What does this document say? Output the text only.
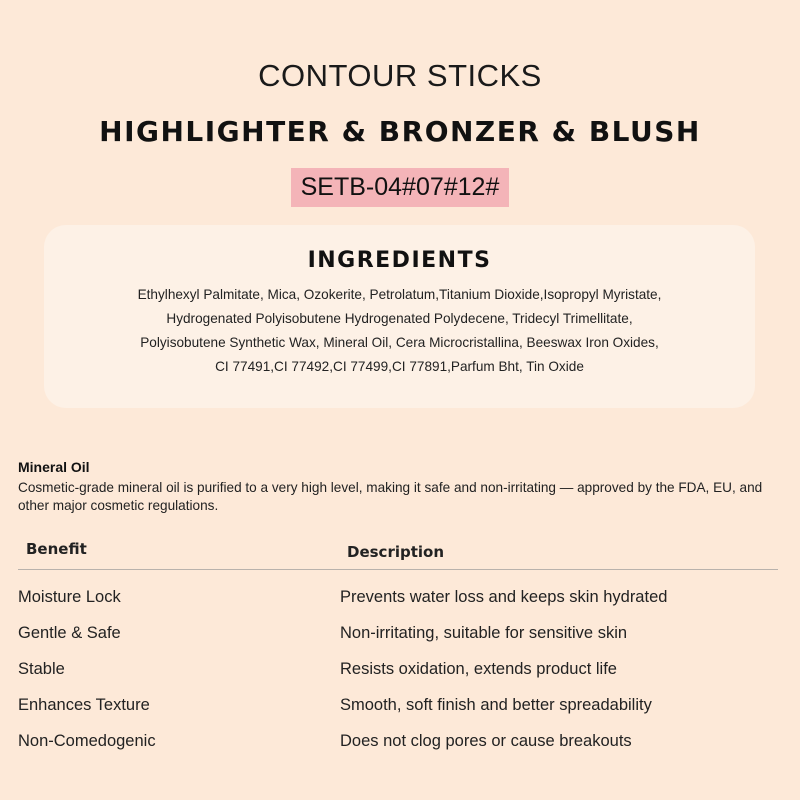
CONTOUR STICKS
HIGHLIGHTER & BRONZER & BLUSH
SETB-04#07#12#
INGREDIENTS
Ethylhexyl Palmitate, Mica, Ozokerite, Petrolatum,Titanium Dioxide,Isopropyl Myristate,
Hydrogenated Polyisobutene Hydrogenated Polydecene, Tridecyl Trimellitate,
Polyisobutene Synthetic Wax, Mineral Oil, Cera Microcristallina, Beeswax Iron Oxides,
CI 77491,CI 77492,CI 77499,CI 77891,Parfum Bht, Tin Oxide
Mineral Oil
Cosmetic-grade mineral oil is purified to a very high level, making it safe and non-irritating — approved by the FDA, EU, and other major cosmetic regulations.
Benefit	Description
Moisture Lock	Prevents water loss and keeps skin hydrated
Gentle & Safe	Non-irritating, suitable for sensitive skin
Stable	Resists oxidation, extends product life
Enhances Texture	Smooth, soft finish and better spreadability
Non-Comedogenic	Does not clog pores or cause breakouts
